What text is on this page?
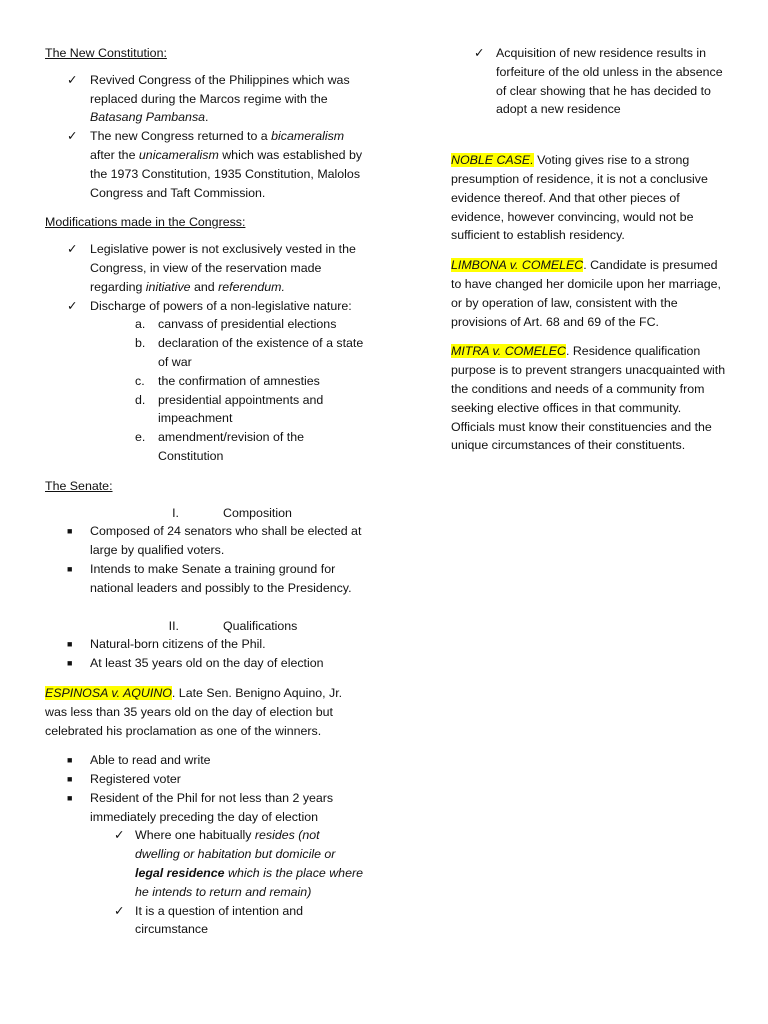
The New Constitution:

✓ Revived Congress of the Philippines which was replaced during the Marcos regime with the Batasang Pambansa.
✓ The new Congress returned to a bicameralism after the unicameralism which was established by the 1973 Constitution, 1935 Constitution, Malolos Congress and Taft Commission.

Modifications made in the Congress:

✓ Legislative power is not exclusively vested in the Congress, in view of the reservation made regarding initiative and referendum.
✓ Discharge of powers of a non-legislative nature:
a. canvass of presidential elections
b. declaration of the existence of a state of war
c. the confirmation of amnesties
d. presidential appointments and impeachment
e. amendment/revision of the Constitution

The Senate:

I.	Composition
■ Composed of 24 senators who shall be elected at large by qualified voters.
■ Intends to make Senate a training ground for national leaders and possibly to the Presidency.
II.	Qualifications
■ Natural-born citizens of the Phil.
■ At least 35 years old on the day of election

ESPINOSA v. AQUINO. Late Sen. Benigno Aquino, Jr. was less than 35 years old on the day of election but celebrated his proclamation as one of the winners.

■ Able to read and write
■ Registered voter
■ Resident of the Phil for not less than 2 years immediately preceding the day of election
✓ Where one habitually resides (not dwelling or habitation but domicile or legal residence which is the place where he intends to return and remain)
✓ It is a question of intention and circumstance
✓ Acquisition of new residence results in forfeiture of the old unless in the absence of clear showing that he has decided to adopt a new residence

NOBLE CASE. Voting gives rise to a strong presumption of residence, it is not a conclusive evidence thereof. And that other pieces of evidence, however convincing, would not be sufficient to establish residency.

LIMBONA v. COMELEC. Candidate is presumed to have changed her domicile upon her marriage, or by operation of law, consistent with the provisions of Art. 68 and 69 of the FC.

MITRA v. COMELEC. Residence qualification purpose is to prevent strangers unacquainted with the conditions and needs of a community from seeking elective offices in that community. Officials must know their constituencies and the unique circumstances of their constituents.
